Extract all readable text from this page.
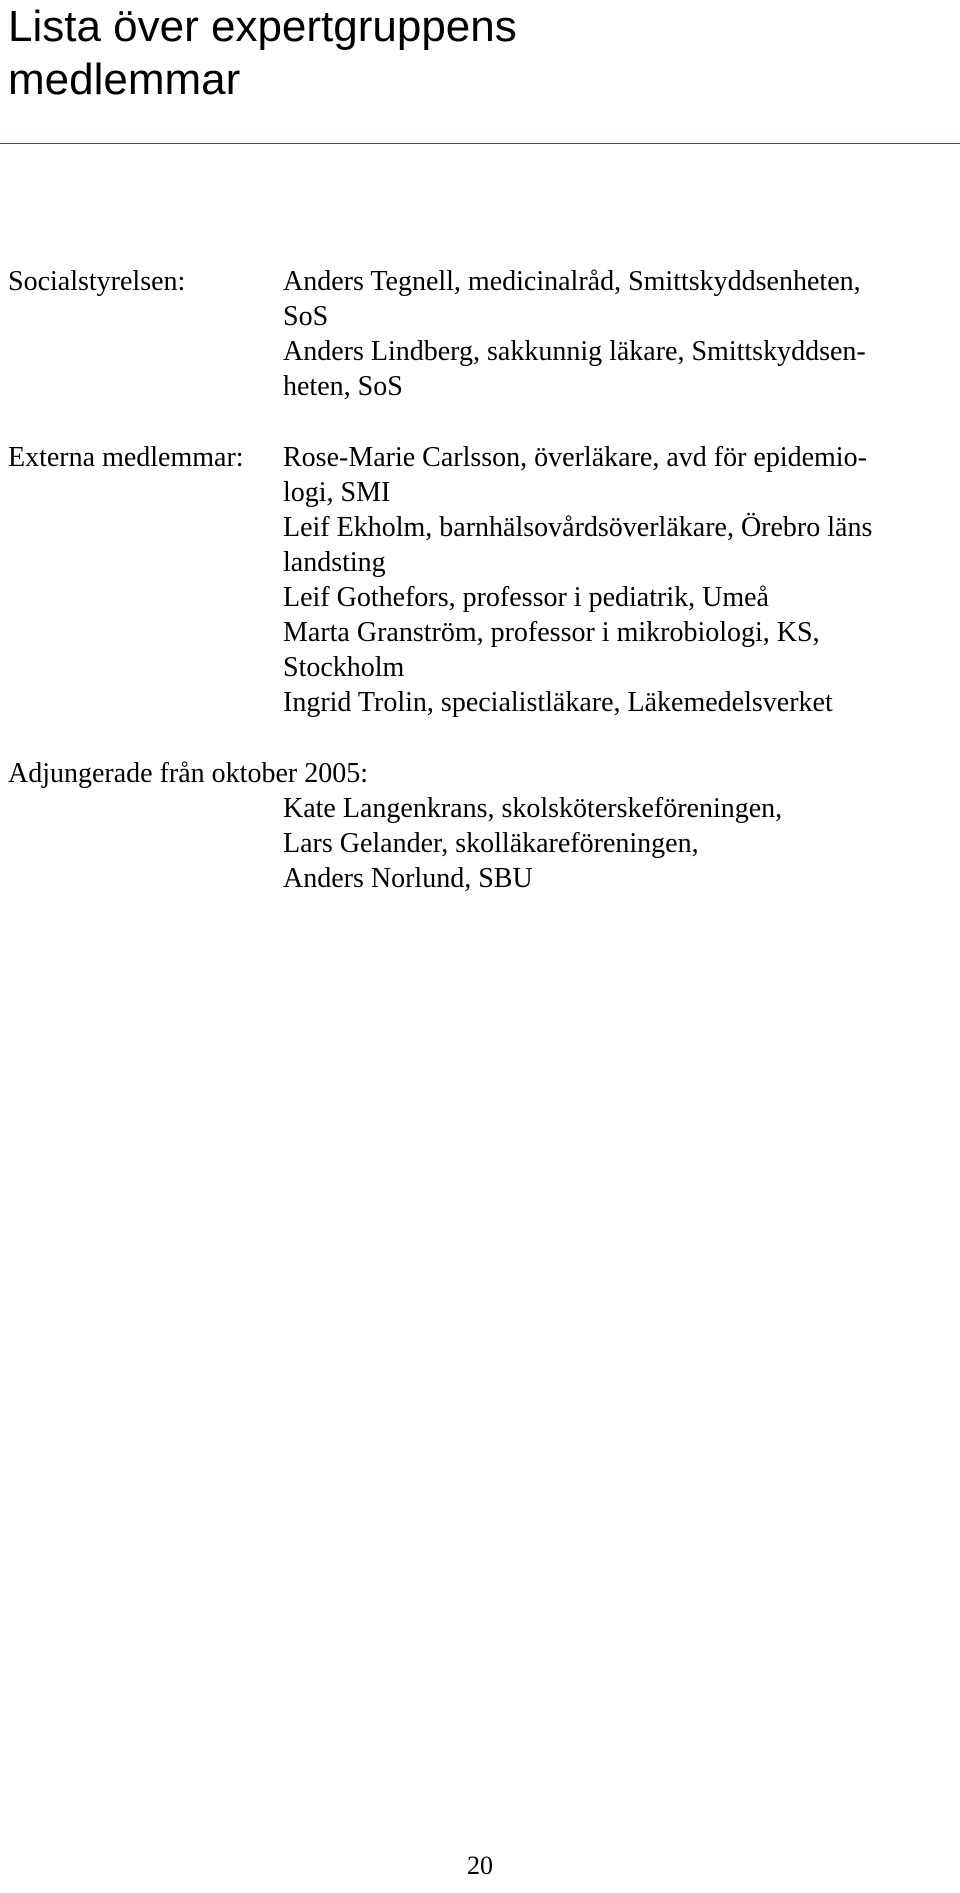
Lista över expertgruppens
medlemmar
Socialstyrelsen:	Anders Tegnell, medicinalråd, Smittskyddsenheten,
SoS
Anders Lindberg, sakkunnig läkare, Smittskyddsen-
heten, SoS
Externa medlemmar: Rose-Marie Carlsson, överläkare, avd för epidemio-
logi, SMI
Leif Ekholm, barnhälsovårdsöverläkare, Örebro läns
landsting
Leif Gothefors, professor i pediatrik, Umeå
Marta Granström, professor i mikrobiologi, KS,
Stockholm
Ingrid Trolin, specialistläkare, Läkemedelsverket
Adjungerade från oktober 2005:
Kate Langenkrans, skolsköterskeföreningen,
Lars Gelander, skolläkareföreningen,
Anders Norlund, SBU
20
